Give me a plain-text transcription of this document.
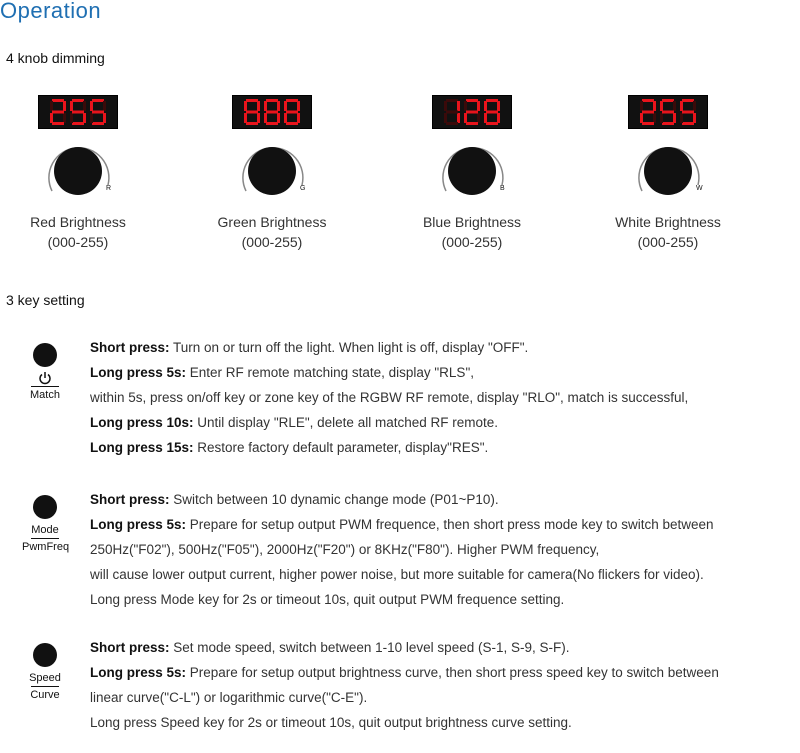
Operation
4 knob dimming
R
Red Brightness
(000-255)
G
Green Brightness
(000-255)
B
Blue Brightness
(000-255)
W
White Brightness
(000-255)
3 key setting
Match
Short press: Turn on or turn off the light. When light is off, display "OFF".
Long press 5s: Enter RF remote matching state, display "RLS",
within 5s, press on/off key or zone key of the RGBW RF remote, display "RLO", match is successful,
Long press 10s: Until display "RLE", delete all matched RF remote.
Long press 15s: Restore factory default parameter, display"RES".
Mode
PwmFreq
Short press: Switch between 10 dynamic change mode (P01~P10).
Long press 5s: Prepare for setup output PWM frequence, then short press mode key to switch between
250Hz("F02"), 500Hz("F05"), 2000Hz("F20") or 8KHz("F80"). Higher PWM frequency,
will cause lower output current, higher power noise, but more suitable for camera(No flickers for video).
Long press Mode key for 2s or timeout 10s, quit output PWM frequence setting.
Speed
Curve
Short press: Set mode speed, switch between 1-10 level speed (S-1, S-9, S-F).
Long press 5s: Prepare for setup output brightness curve, then short press speed key to switch between
linear curve("C-L") or logarithmic curve("C-E").
Long press Speed key for 2s or timeout 10s, quit output brightness curve setting.
